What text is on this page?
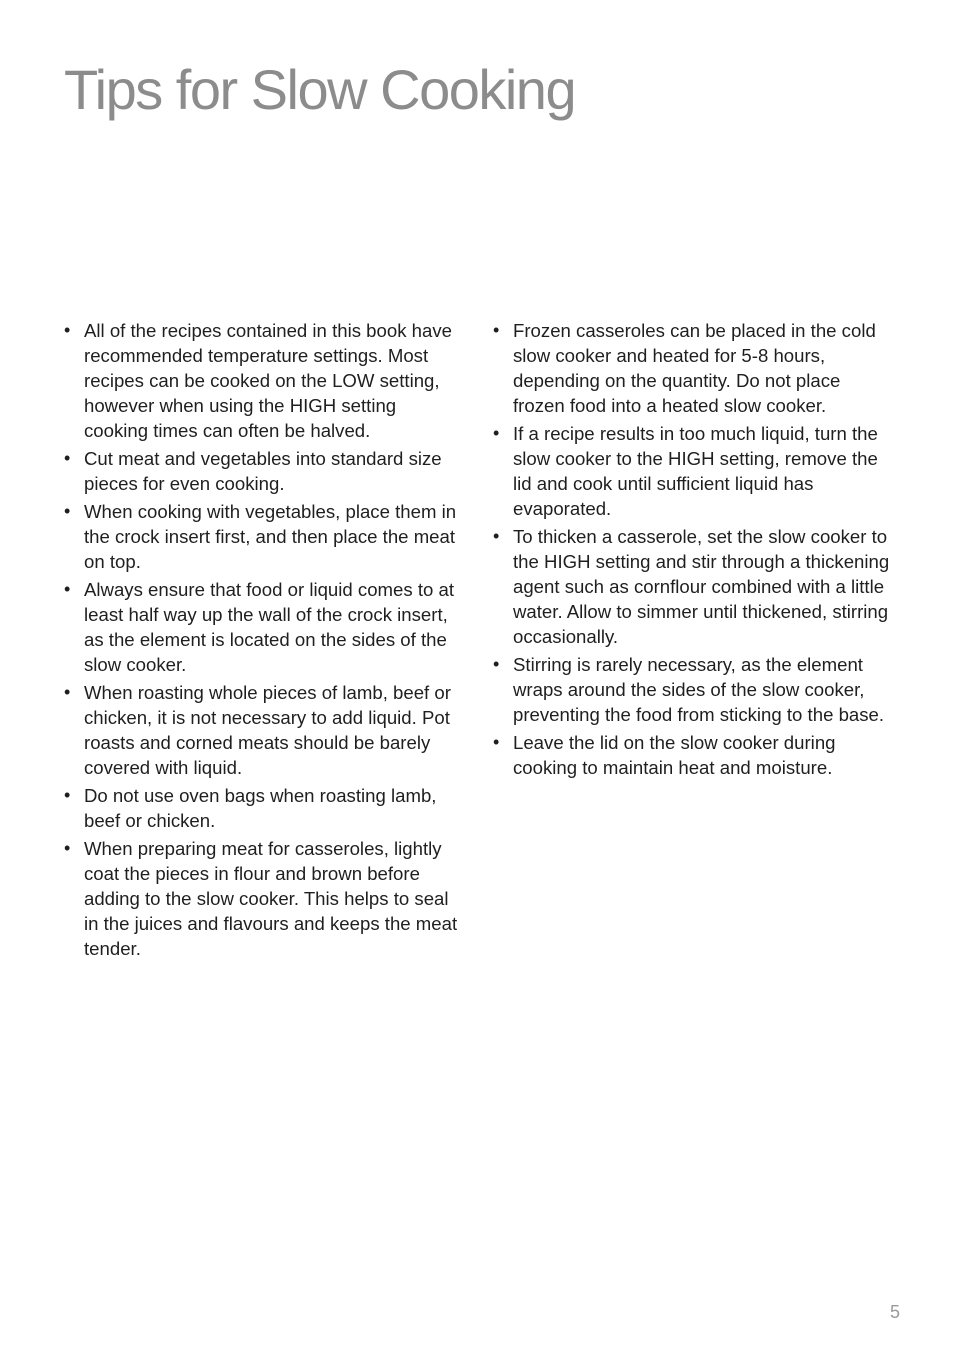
Tips for Slow Cooking
• All of the recipes contained in this book have recommended temperature settings. Most recipes can be cooked on the LOW setting, however when using the HIGH setting cooking times can often be halved.
• Cut meat and vegetables into standard size pieces for even cooking.
• When cooking with vegetables, place them in the crock insert first, and then place the meat on top.
• Always ensure that food or liquid comes to at least half way up the wall of the crock insert, as the element is located on the sides of the slow cooker.
• When roasting whole pieces of lamb, beef or chicken, it is not necessary to add liquid. Pot roasts and corned meats should be barely covered with liquid.
• Do not use oven bags when roasting lamb, beef or chicken.
• When preparing meat for casseroles, lightly coat the pieces in flour and brown before adding to the slow cooker. This helps to seal in the juices and flavours and keeps the meat tender.
• Frozen casseroles can be placed in the cold slow cooker and heated for 5-8 hours, depending on the quantity. Do not place frozen food into a heated slow cooker.
• If a recipe results in too much liquid, turn the slow cooker to the HIGH setting, remove the lid and cook until sufficient liquid has evaporated.
• To thicken a casserole, set the slow cooker to the HIGH setting and stir through a thickening agent such as cornflour combined with a little water. Allow to simmer until thickened, stirring occasionally.
• Stirring is rarely necessary, as the element wraps around the sides of the slow cooker, preventing the food from sticking to the base.
• Leave the lid on the slow cooker during cooking to maintain heat and moisture.
5
